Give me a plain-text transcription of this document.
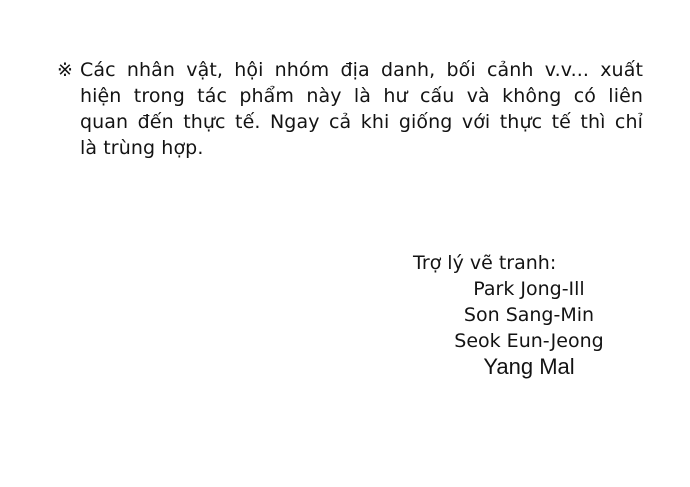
※ Các nhân vật, hội nhóm địa danh, bối cảnh v.v... xuất
hiện trong tác phẩm này là hư cấu và không có liên
quan đến thực tế. Ngay cả khi giống với thực tế thì chỉ
là trùng hợp.
Trợ lý vẽ tranh:
Park Jong-Ill
Son Sang-Min
Seok Eun-Jeong
Yang Mal
